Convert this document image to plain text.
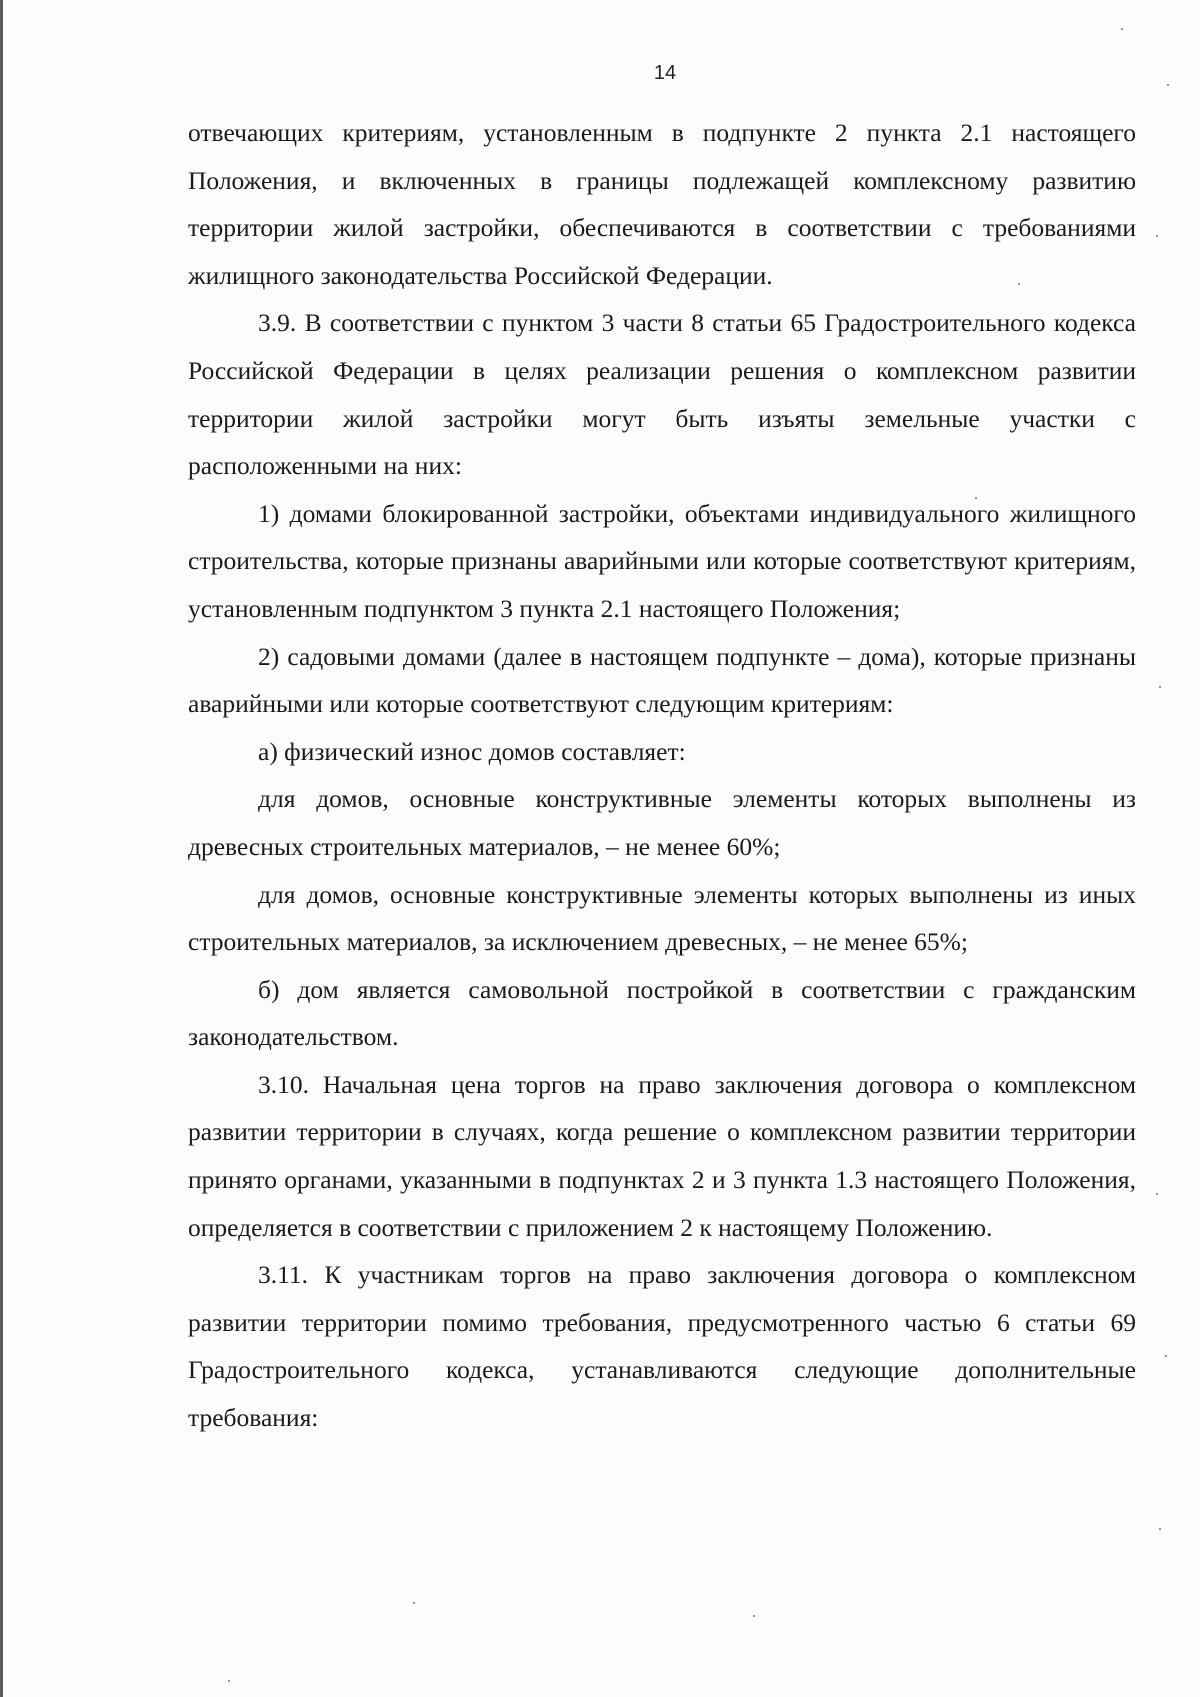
14

отвечающих критериям, установленным в подпункте 2 пункта 2.1 настоящего Положения, и включенных в границы подлежащей комплексному развитию территории жилой застройки, обеспечиваются в соответствии с требованиями жилищного законодательства Российской Федерации.

3.9. В соответствии с пунктом 3 части 8 статьи 65 Градостроительного кодекса Российской Федерации в целях реализации решения о комплексном развитии территории жилой застройки могут быть изъяты земельные участки с расположенными на них:

1) домами блокированной застройки, объектами индивидуального жилищного строительства, которые признаны аварийными или которые соответствуют критериям, установленным подпунктом 3 пункта 2.1 настоящего Положения;

2) садовыми домами (далее в настоящем подпункте – дома), которые признаны аварийными или которые соответствуют следующим критериям:

а) физический износ домов составляет:

для домов, основные конструктивные элементы которых выполнены из древесных строительных материалов, – не менее 60%;

для домов, основные конструктивные элементы которых выполнены из иных строительных материалов, за исключением древесных, – не менее 65%;

б) дом является самовольной постройкой в соответствии с гражданским законодательством.

3.10. Начальная цена торгов на право заключения договора о комплексном развитии территории в случаях, когда решение о комплексном развитии территории принято органами, указанными в подпунктах 2 и 3 пункта 1.3 настоящего Положения, определяется в соответствии с приложением 2 к настоящему Положению.

3.11. К участникам торгов на право заключения договора о комплексном развитии территории помимо требования, предусмотренного частью 6 статьи 69 Градостроительного кодекса, устанавливаются следующие дополнительные требования:
